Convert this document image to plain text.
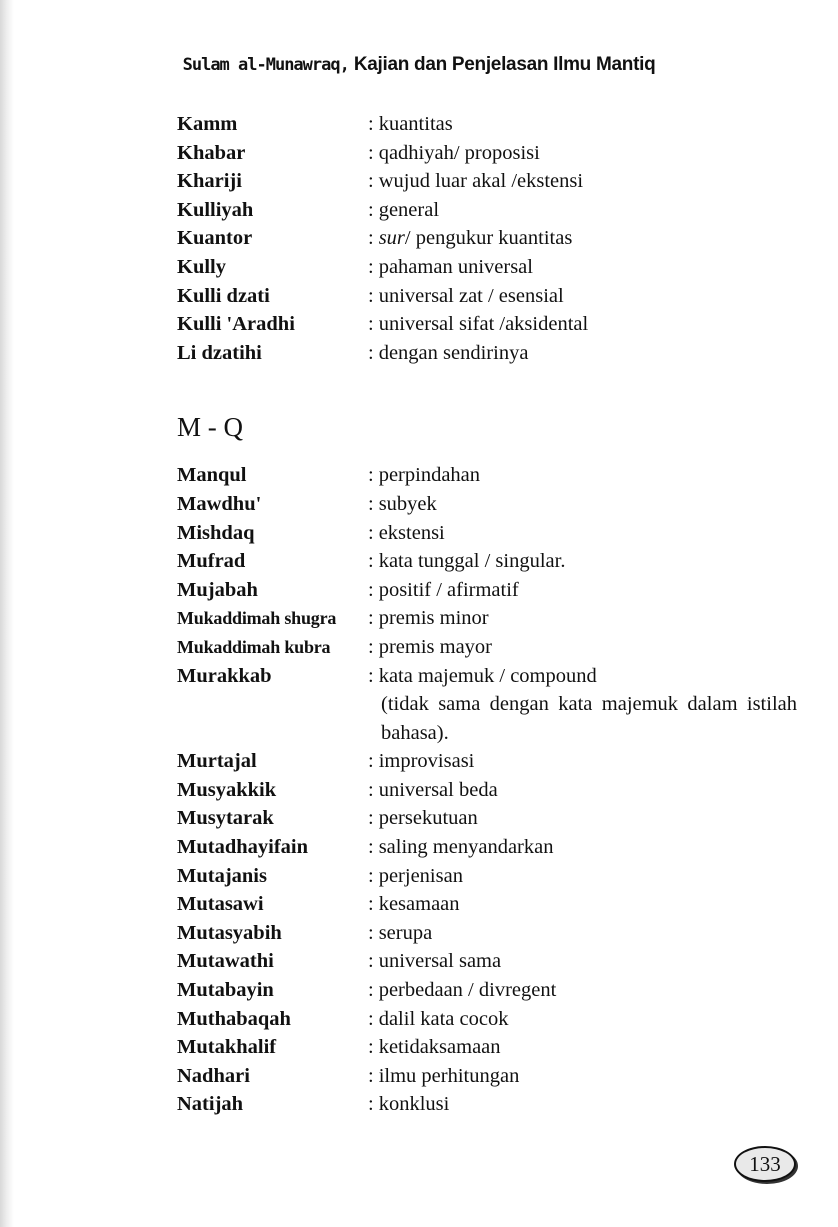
Sulam al-Munawraq, Kajian dan Penjelasan Ilmu Mantiq
Kamm	: kuantitas
Khabar	: qadhiyah/ proposisi
Khariji	: wujud luar akal /ekstensi
Kulliyah	: general
Kuantor	: sur/ pengukur kuantitas
Kully	: pahaman universal
Kulli dzati	: universal zat / esensial
Kulli 'Aradhi	: universal sifat /aksidental
Li dzatihi	: dengan sendirinya
M - Q
Manqul	: perpindahan
Mawdhu'	: subyek
Mishdaq	: ekstensi
Mufrad	: kata tunggal / singular.
Mujabah	: positif / afirmatif
Mukaddimah shugra	: premis minor
Mukaddimah kubra	: premis mayor
Murakkab	: kata majemuk / compound
(tidak sama dengan kata majemuk dalam istilah bahasa).
Murtajal	: improvisasi
Musyakkik	: universal beda
Musytarak	: persekutuan
Mutadhayifain	: saling menyandarkan
Mutajanis	: perjenisan
Mutasawi	: kesamaan
Mutasyabih	: serupa
Mutawathi	: universal sama
Mutabayin	: perbedaan / divregent
Muthabaqah	: dalil kata cocok
Mutakhalif	: ketidaksamaan
Nadhari	: ilmu perhitungan
Natijah	: konklusi
133
